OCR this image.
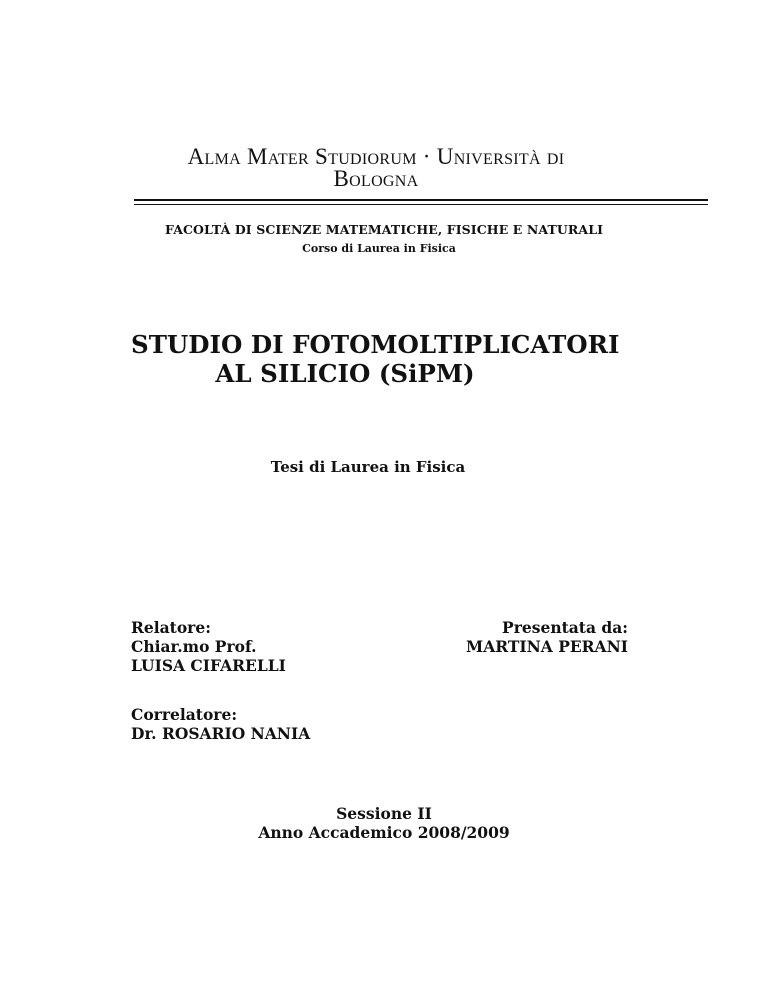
Alma Mater Studiorum · Università di
Bologna
FACOLTÀ DI SCIENZE MATEMATICHE, FISICHE E NATURALI
Corso di Laurea in Fisica
STUDIO DI FOTOMOLTIPLICATORI
AL SILICIO (SiPM)
Tesi di Laurea in Fisica
Relatore:
Chiar.mo Prof.
LUISA CIFARELLI
Presentata da:
MARTINA PERANI
Correlatore:
Dr. ROSARIO NANIA
Sessione II
Anno Accademico 2008/2009
